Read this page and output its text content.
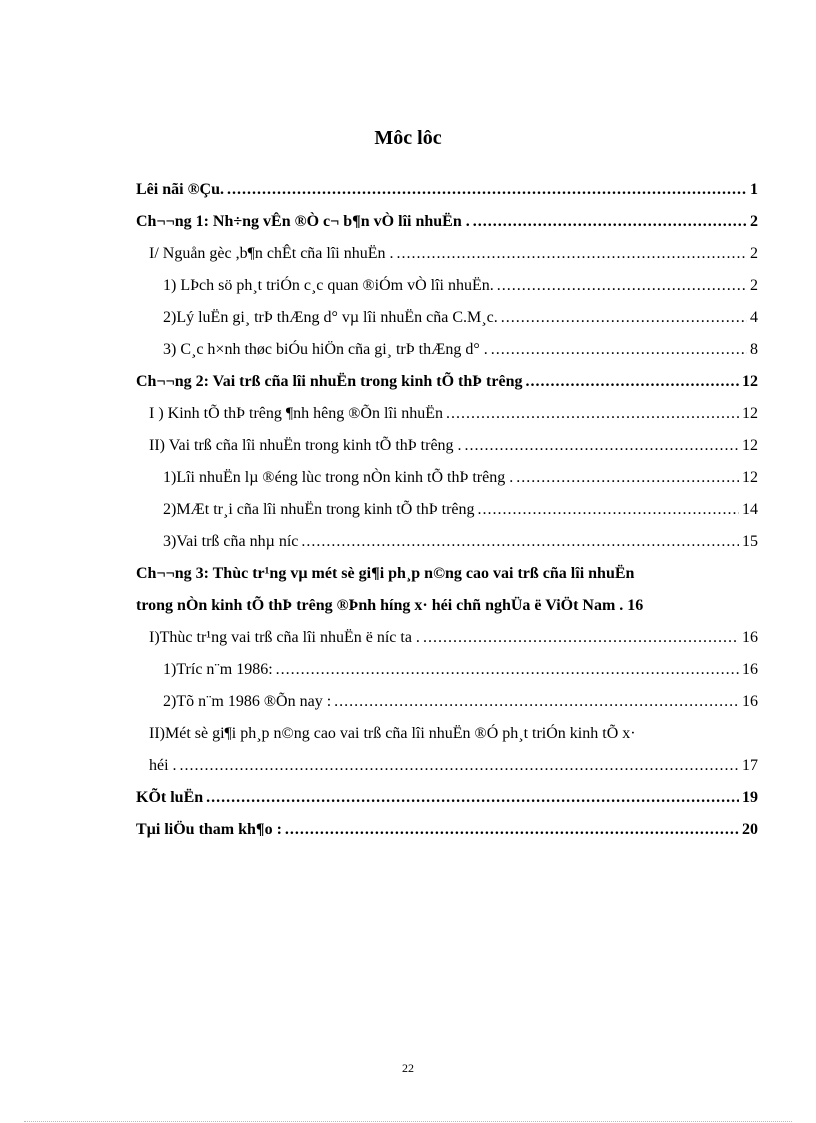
Môc lôc
Lêi nãi ®Çu. .....	1
Ch¬¬ng 1: Nh÷ng vÊn ®Ò c¬ b¶n vÒ lîi nhuËn . .....	2
I/ Nguån gèc ,b¶n chÊt cña lîi nhuËn . .....	2
1) LÞch sö ph¸t triÓn c¸c quan ®iÓm vÒ lîi nhuËn. .....	2
2)Lý luËn gi¸ trÞ thÆng d° vµ lîi nhuËn cña C.M¸c. .....	4
3) C¸c h×nh thøc biÓu hiÖn cña gi¸ trÞ thÆng d° . .....	8
Ch¬¬ng 2: Vai trß cña lîi nhuËn trong kinh tÕ thÞ trêng .....	12
I ) Kinh tÕ thÞ trêng ¶nh hêng ®Õn lîi nhuËn .....	12
II) Vai trß cña lîi nhuËn trong kinh tÕ thÞ trêng . .....	12
1)Lîi nhuËn lµ ®éng lùc trong nÒn kinh tÕ thÞ trêng . .....	12
2)MÆt tr¸i cña lîi nhuËn trong kinh tÕ thÞ trêng .....	14
3)Vai trß cña nhµ níc .....	15
Ch¬¬ng 3: Thùc tr¹ng vµ mét sè gi¶i ph¸p n©ng cao vai trß cña lîi nhuËn
trong nÒn kinh tÕ thÞ trêng ®Þnh híng x· héi chñ nghÜa ë ViÖt Nam . 16
I)Thùc tr¹ng vai trß cña lîi nhuËn ë níc ta . .....	16
1)Tríc n¨m 1986: .....	16
2)Tõ n¨m 1986 ®Õn nay : .....	16
II)Mét sè gi¶i ph¸p n©ng cao vai trß cña lîi nhuËn ®Ó ph¸t triÓn kinh tÕ x·
héi . .....	17
KÕt luËn .....	19
Tµi liÖu tham kh¶o : .....	20
22
